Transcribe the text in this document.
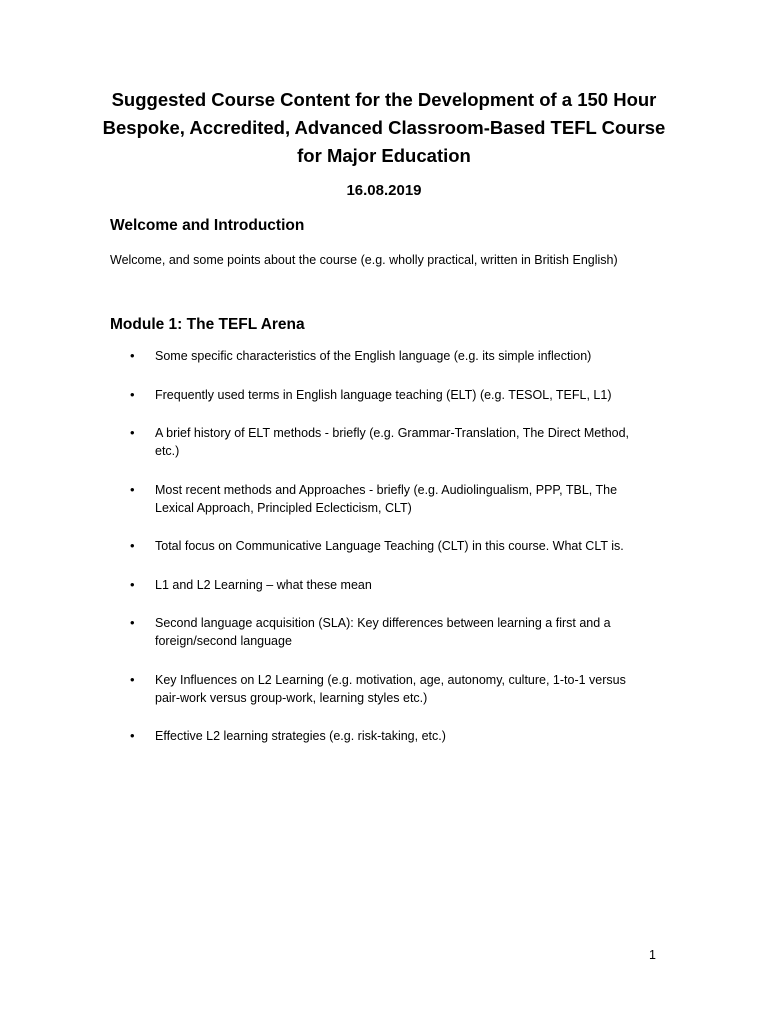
Suggested Course Content for the Development of a 150 Hour
Bespoke, Accredited, Advanced Classroom-Based TEFL Course
for Major Education
16.08.2019
Welcome and Introduction
Welcome, and some points about the course (e.g. wholly practical, written in British English)
Module 1: The TEFL Arena
• Some specific characteristics of the English language (e.g. its simple inflection)
• Frequently used terms in English language teaching (ELT) (e.g. TESOL, TEFL, L1)
• A brief history of ELT methods - briefly (e.g. Grammar-Translation, The Direct Method,
etc.)
• Most recent methods and Approaches - briefly (e.g. Audiolingualism, PPP, TBL, The
Lexical Approach, Principled Eclecticism, CLT)
• Total focus on Communicative Language Teaching (CLT) in this course. What CLT is.
• L1 and L2 Learning – what these mean
• Second language acquisition (SLA): Key differences between learning a first and a
foreign/second language
• Key Influences on L2 Learning (e.g. motivation, age, autonomy, culture, 1-to-1 versus
pair-work versus group-work, learning styles etc.)
• Effective L2 learning strategies (e.g. risk-taking, etc.)
1
